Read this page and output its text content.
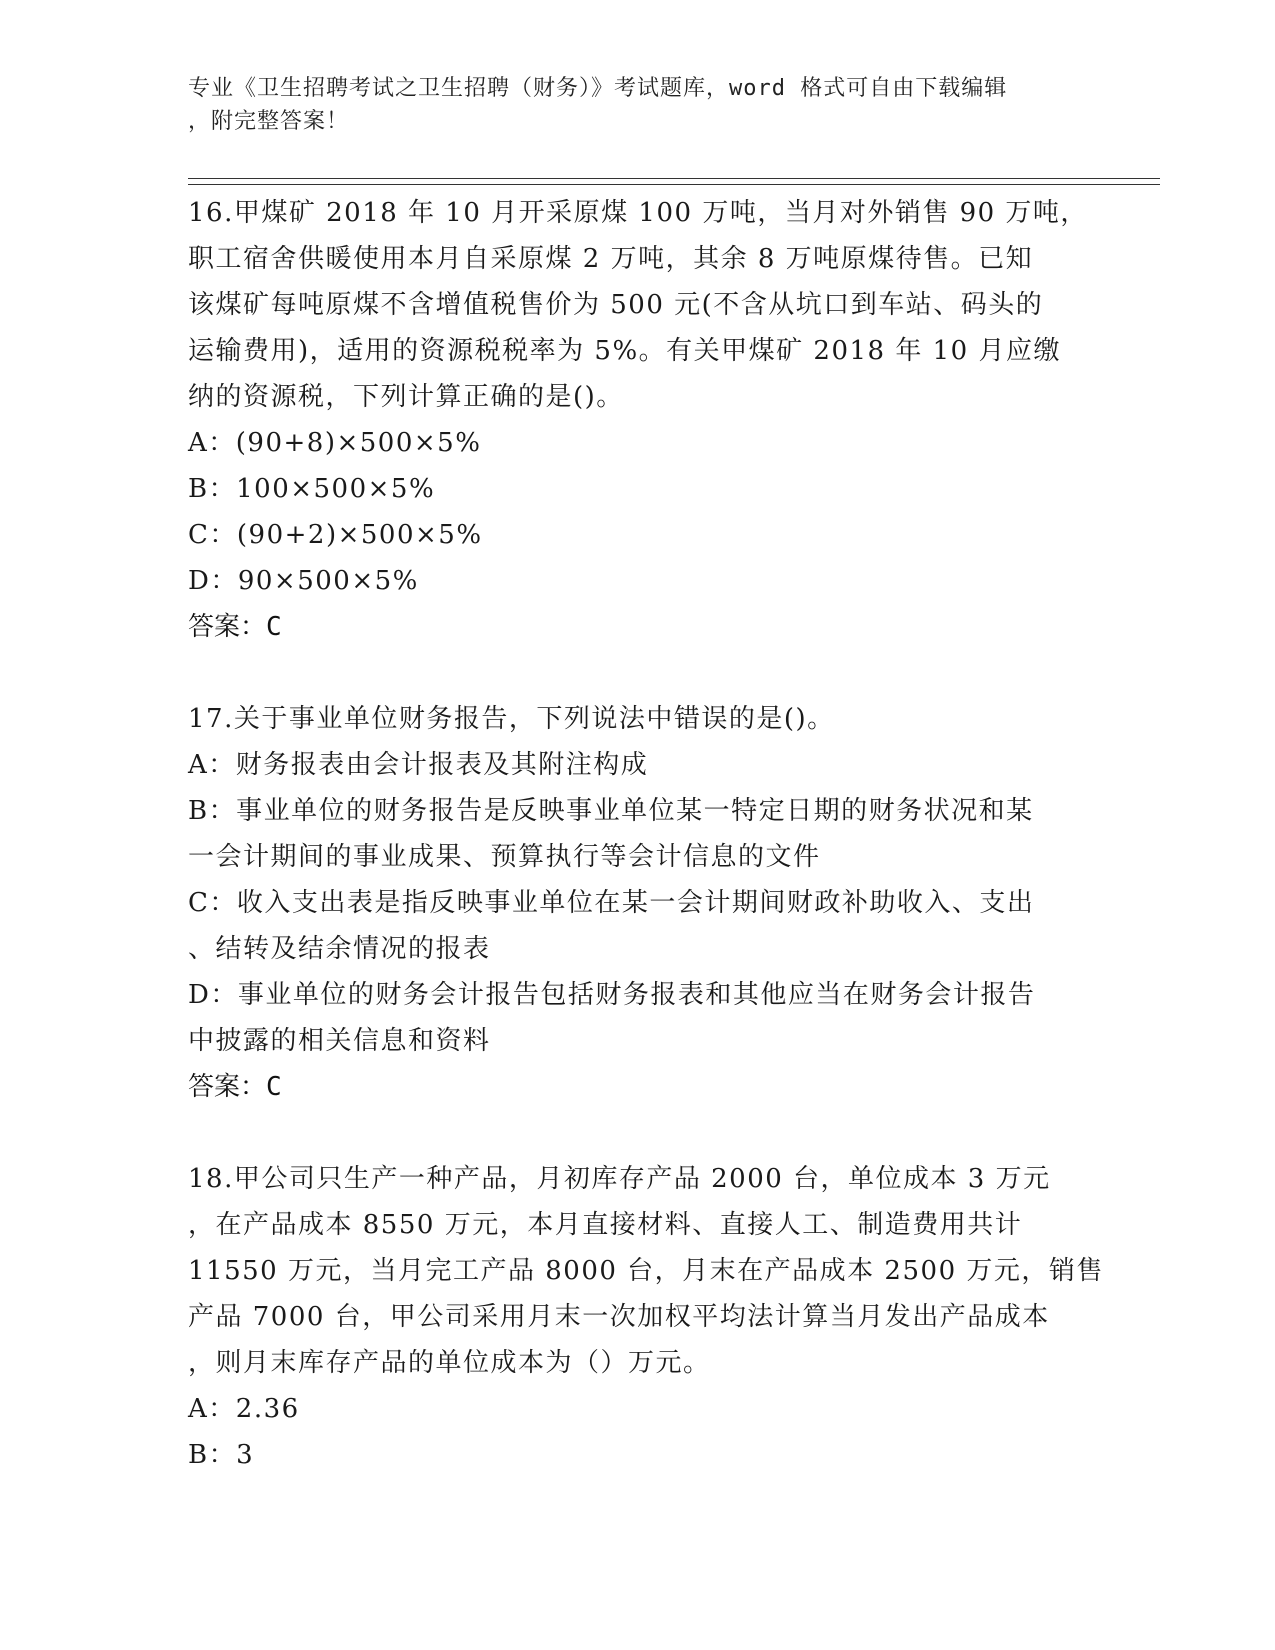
专业《卫生招聘考试之卫生招聘（财务）》考试题库，word 格式可自由下载编辑
，附完整答案！
16.甲煤矿 2018 年 10 月开采原煤 100 万吨，当月对外销售 90 万吨，
职工宿舍供暖使用本月自采原煤 2 万吨，其余 8 万吨原煤待售。已知
该煤矿每吨原煤不含增值税售价为 500 元(不含从坑口到车站、码头的
运输费用)，适用的资源税税率为 5%。有关甲煤矿 2018 年 10 月应缴
纳的资源税，下列计算正确的是()。
A：(90+8)×500×5%
B：100×500×5%
C：(90+2)×500×5%
D：90×500×5%
答案：C
17.关于事业单位财务报告，下列说法中错误的是()。
A：财务报表由会计报表及其附注构成
B：事业单位的财务报告是反映事业单位某一特定日期的财务状况和某
一会计期间的事业成果、预算执行等会计信息的文件
C：收入支出表是指反映事业单位在某一会计期间财政补助收入、支出
、结转及结余情况的报表
D：事业单位的财务会计报告包括财务报表和其他应当在财务会计报告
中披露的相关信息和资料
答案：C
18.甲公司只生产一种产品，月初库存产品 2000 台，单位成本 3 万元
，在产品成本 8550 万元，本月直接材料、直接人工、制造费用共计
11550 万元，当月完工产品 8000 台，月末在产品成本 2500 万元，销售
产品 7000 台，甲公司采用月末一次加权平均法计算当月发出产品成本
，则月末库存产品的单位成本为（）万元。
A：2.36
B：3
